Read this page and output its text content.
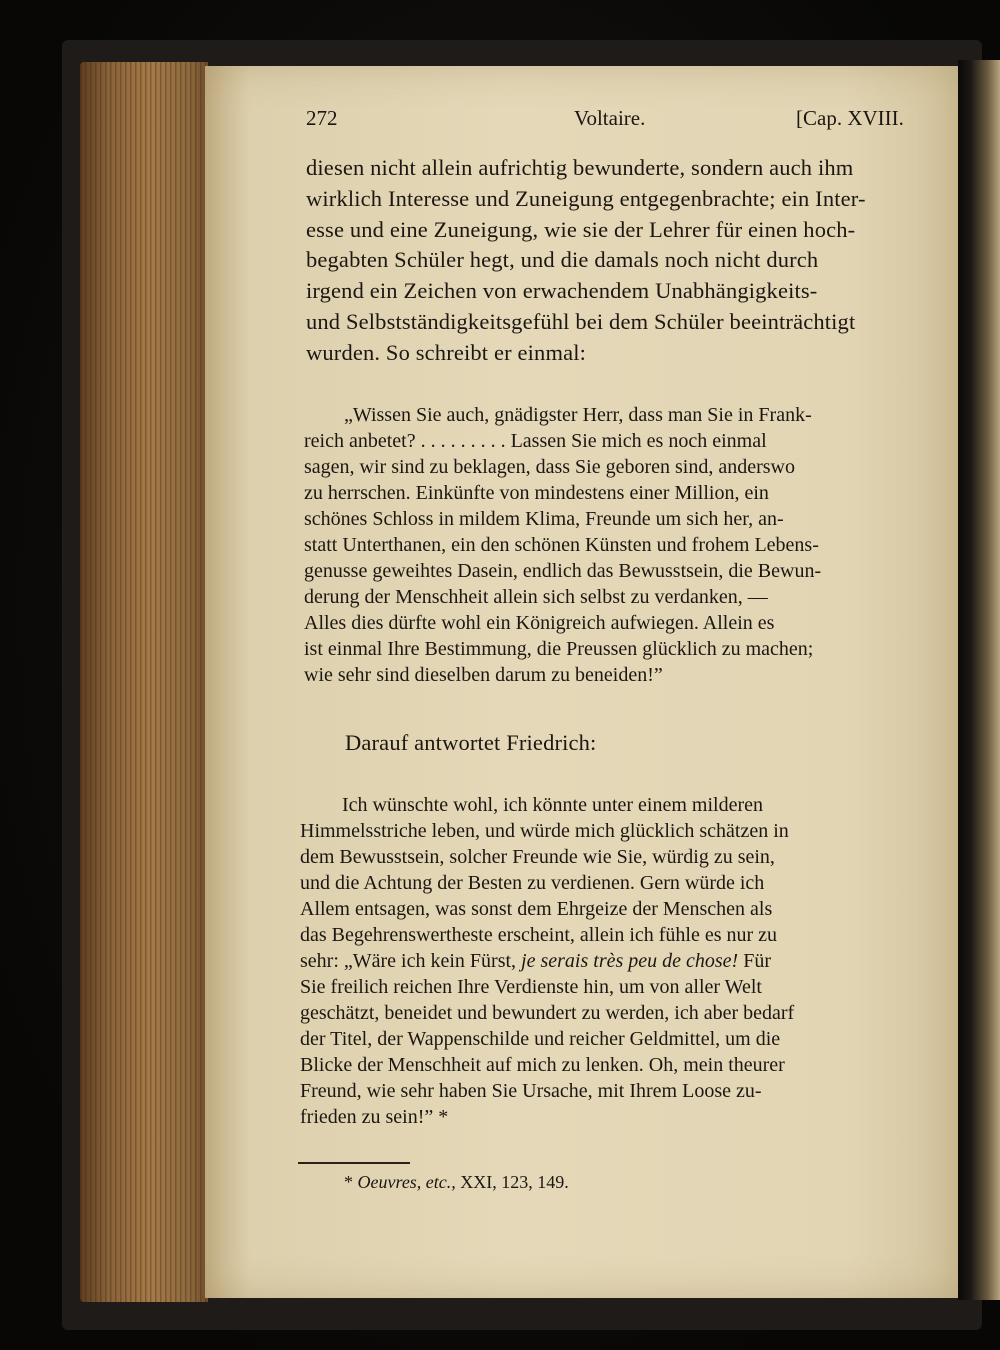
272	Voltaire.	[Cap. XVIII.
diesen nicht allein aufrichtig bewunderte, sondern auch ihm
wirklich Interesse und Zuneigung entgegenbrachte; ein Inter-
esse und eine Zuneigung, wie sie der Lehrer für einen hoch-
begabten Schüler hegt, und die damals noch nicht durch
irgend ein Zeichen von erwachendem Unabhängigkeits-
und Selbstständigkeitsgefühl bei dem Schüler beeinträchtigt
wurden. So schreibt er einmal:
„Wissen Sie auch, gnädigster Herr, dass man Sie in Frank-
reich anbetet? . . . . . . . . . Lassen Sie mich es noch einmal
sagen, wir sind zu beklagen, dass Sie geboren sind, anderswo
zu herrschen. Einkünfte von mindestens einer Million, ein
schönes Schloss in mildem Klima, Freunde um sich her, an-
statt Unterthanen, ein den schönen Künsten und frohem Lebens-
genusse geweihtes Dasein, endlich das Bewusstsein, die Bewun-
derung der Menschheit allein sich selbst zu verdanken, —
Alles dies dürfte wohl ein Königreich aufwiegen. Allein es
ist einmal Ihre Bestimmung, die Preussen glücklich zu machen;
wie sehr sind dieselben darum zu beneiden!”
Darauf antwortet Friedrich:
Ich wünschte wohl, ich könnte unter einem milderen
Himmelsstriche leben, und würde mich glücklich schätzen in
dem Bewusstsein, solcher Freunde wie Sie, würdig zu sein,
und die Achtung der Besten zu verdienen. Gern würde ich
Allem entsagen, was sonst dem Ehrgeize der Menschen als
das Begehrenswertheste erscheint, allein ich fühle es nur zu
sehr: „Wäre ich kein Fürst, je serais très peu de chose! Für
Sie freilich reichen Ihre Verdienste hin, um von aller Welt
geschätzt, beneidet und bewundert zu werden, ich aber bedarf
der Titel, der Wappenschilde und reicher Geldmittel, um die
Blicke der Menschheit auf mich zu lenken. Oh, mein theurer
Freund, wie sehr haben Sie Ursache, mit Ihrem Loose zu-
frieden zu sein!” *
* Oeuvres, etc., XXI, 123, 149.
